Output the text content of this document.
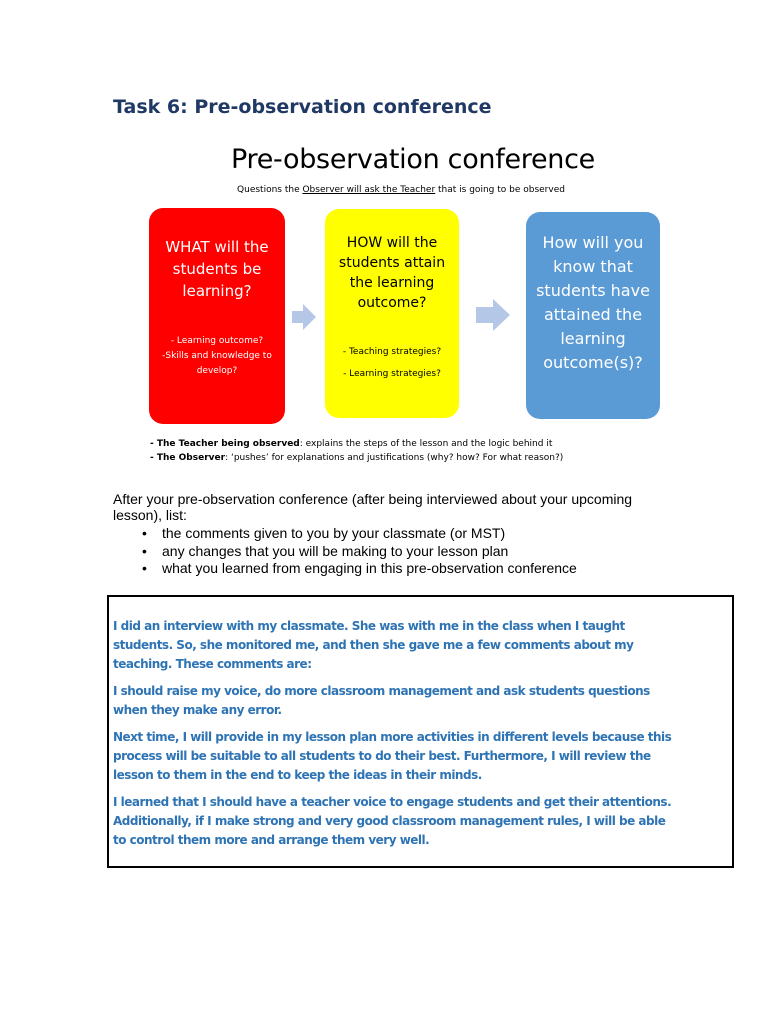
Task 6: Pre-observation conference
Pre-observation conference
Questions the Observer will ask the Teacher that is going to be observed
WHAT will the students be learning?
- Learning outcome?
-Skills and knowledge to develop?
HOW will the students attain the learning outcome?
- Teaching strategies?
- Learning strategies?
How will you know that students have attained the learning outcome(s)?
- The Teacher being observed: explains the steps of the lesson and the logic behind it
- The Observer: ‘pushes’ for explanations and justifications (why? how? For what reason?)
After your pre-observation conference (after being interviewed about your upcoming lesson), list:
• the comments given to you by your classmate (or MST)
• any changes that you will be making to your lesson plan
• what you learned from engaging in this pre-observation conference

I did an interview with my classmate. She was with me in the class when I taught students. So, she monitored me, and then she gave me a few comments about my teaching. These comments are:

I should raise my voice, do more classroom management and ask students questions when they make any error.

Next time, I will provide in my lesson plan more activities in different levels because this process will be suitable to all students to do their best. Furthermore, I will review the lesson to them in the end to keep the ideas in their minds.

I learned that I should have a teacher voice to engage students and get their attentions. Additionally, if I make strong and very good classroom management rules, I will be able to control them more and arrange them very well.
